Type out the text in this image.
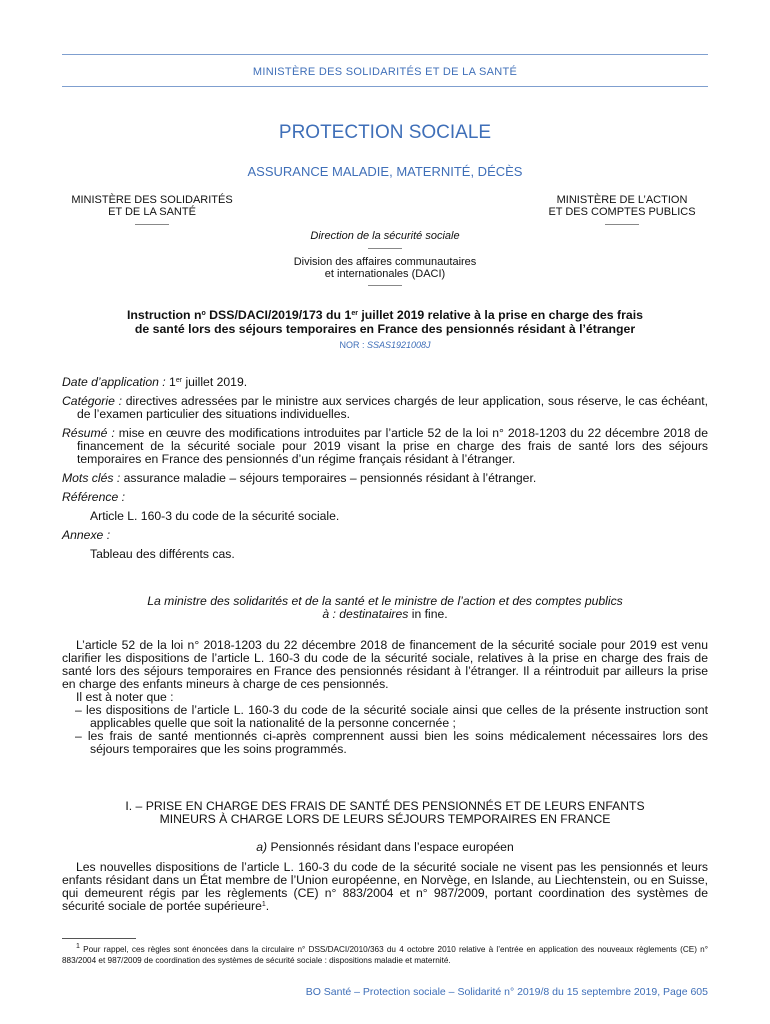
MINISTÈRE DES SOLIDARITÉS ET DE LA SANTÉ
PROTECTION SOCIALE
ASSURANCE MALADIE, MATERNITÉ, DÉCÈS
MINISTÈRE DES SOLIDARITÉS
ET DE LA SANTÉ
MINISTÈRE DE L’ACTION
ET DES COMPTES PUBLICS
Direction de la sécurité sociale
Division des affaires communautaires
et internationales (DACI)
Instruction $n^o$ DSS/DACI/2019/173 du 1er juillet 2019 relative à la prise en charge des frais
de santé lors des séjours temporaires en France des pensionnés résidant à l’étranger
NOR : SSAS1921008J

Date d’application : 1er juillet 2019.

Catégorie : directives adressées par le ministre aux services chargés de leur application, sous réserve, le cas échéant, de l’examen particulier des situations individuelles.

Résumé : mise en œuvre des modifications introduites par l’article 52 de la loi n° 2018-1203 du 22 décembre 2018 de financement de la sécurité sociale pour 2019 visant la prise en charge des frais de santé lors des séjours temporaires en France des pensionnés d’un régime français résidant à l’étranger.

Mots clés : assurance maladie – séjours temporaires – pensionnés résidant à l’étranger.

Référence :

Article L. 160-3 du code de la sécurité sociale.

Annexe :

Tableau des différents cas.

La ministre des solidarités et de la santé et le ministre de l’action et des comptes publics

à : destinataires in fine.

L’article 52 de la loi n° 2018-1203 du 22 décembre 2018 de financement de la sécurité sociale pour 2019 est venu clarifier les dispositions de l’article L. 160-3 du code de la sécurité sociale, relatives à la prise en charge des frais de santé lors des séjours temporaires en France des pensionnés résidant à l’étranger. Il a réintroduit par ailleurs la prise en charge des enfants mineurs à charge de ces pensionnés.

Il est à noter que :

– les dispositions de l’article L. 160-3 du code de la sécurité sociale ainsi que celles de la présente instruction sont applicables quelle que soit la nationalité de la personne concernée ;

– les frais de santé mentionnés ci-après comprennent aussi bien les soins médicalement nécessaires lors des séjours temporaires que les soins programmés.

I. – PRISE EN CHARGE DES FRAIS DE SANTÉ DES PENSIONNÉS ET DE LEURS ENFANTS

MINEURS À CHARGE LORS DE LEURS SÉJOURS TEMPORAIRES EN FRANCE

a) Pensionnés résidant dans l’espace européen

Les nouvelles dispositions de l’article L. 160-3 du code de la sécurité sociale ne visent pas les pensionnés et leurs enfants résidant dans un État membre de l’Union européenne, en Norvège, en Islande, au Liechtenstein, ou en Suisse, qui demeurent régis par les règlements (CE) n° 883/2004 et n° 987/2009, portant coordination des systèmes de sécurité sociale de portée supérieure$^1$.

$^1$ Pour rappel, ces règles sont énoncées dans la circulaire n° DSS/DACI/2010/363 du 4 octobre 2010 relative à l’entrée en application des nouveaux règlements (CE) n° 883/2004 et 987/2009 de coordination des systèmes de sécurité sociale : dispositions maladie et maternité.
BO Santé – Protection sociale – Solidarité n° 2019/8 du 15 septembre 2019, Page 605
